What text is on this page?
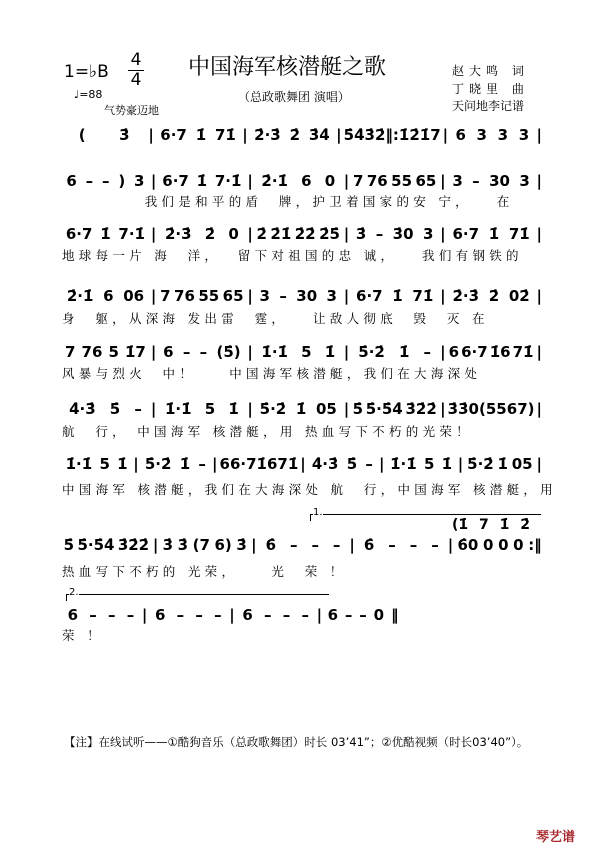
中国海军核潜艇之歌
1=♭B
4
4
♩=88
气势豪迈地
（总政歌舞团 演唱）
赵大鸣 词
丁晓里 曲
天问地李记谱
( 3̇ | 6·7 1̇ 71̇ | 2̇·3̇ 2̇ 3̇4̇ | 5̇ 4̇ 3̇ 2̇ ‖: 1̇ 2̇ 1̇ 7 | 6 3 3 3 |
6 – – ) 3 | 6·7 1̇ 7·1̇ | 2̇·1̇ 6 0 | 7 76 55 65 | 3 – 30 3 |
我们是和平的盾  牌，护卫着国家的安 宁，   在
6·7 1̇ 7·1̇ | 2̇·3̇ 2̇ 0 | 2̇ 2̇1̇ 2̇2̇ 2̇5̇ | 3̇ – 3̇0 3 | 6·7 1̇ 71̇ |
地球每一片 海  洋，  留下对祖国的忠 诚，   我们有钢铁的
2̇·1̇ 6 06 | 7 76 55 65 | 3 – 30 3 | 6·7 1̇ 71̇ | 2̇·3̇ 2̇ 02̇ |
身  躯，从深海 发出雷  霆，   让敌人彻底  毁  灭 在
7 76 5 1̇7 | 6 – – (5̇) | 1̇·1̇ 5 1̇ | 5̇·2̇ 1̇ – | 6 6·7 1̇6 71̇ |
风暴与烈火  中！    中国海军核潜艇，我们在大海深处
4̇·3̇ 5̇ – | 1̇·1̇ 5 1̇ | 5̇·2̇ 1̇ 05 | 5̇ 5̇·5̇4̇ 3̇2̇2̇ | 3̇ 3̇0 (55 67) |
航  行， 中国海军 核潜艇，用 热血写下不朽的光荣！
1̇·1̇ 5 1̇ | 5̇·2̇ 1̇ – | 6 6·7 1̇6 71̇ | 4̇·3̇ 5̇ – | 1̇·1̇ 5 1̇ | 5̇·2̇ 1̇ 05 |
中国海军 核潜艇，我们在大海深处 航  行，中国海军 核潜艇，用
5̇ 5̇·5̇4̇ 3̇2̇2̇ | 3̇ 3̇ (7 6) 3̇ | 6̇ – – – | 6̇ – – – | 6̇0 0 0 0 :‖
热血写下不朽的 光荣，    光  荣 ！
(1̇ 7 1̇ 2̇
1.
6 – – – | 6 – – – | 6 – – – | 6 – – 0 ‖
荣 ！
2.
【注】在线试听——①酷狗音乐（总政歌舞团）时长 03’41”；②优酷视频（时长03’40”）。
琴艺谱
